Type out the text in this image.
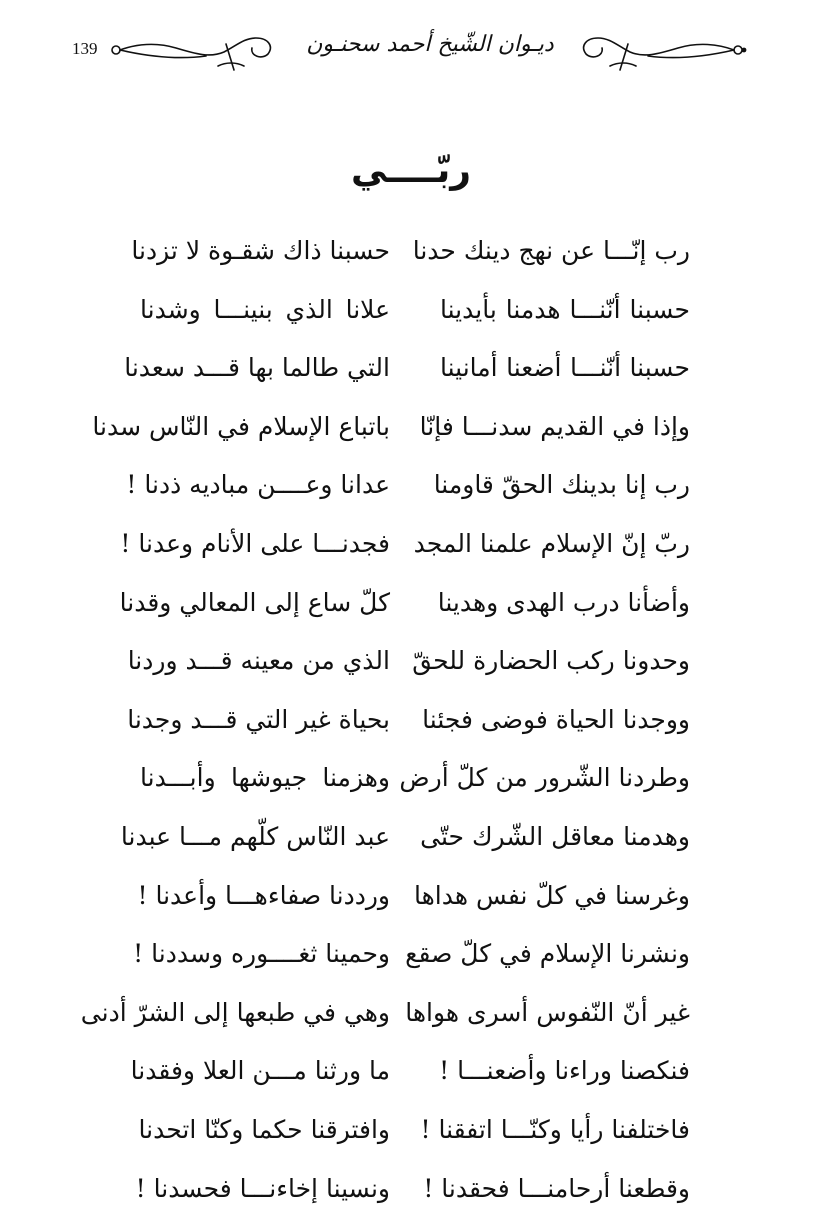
139	ديـوان الشّيخ أحمد سحنـون
ربّــــي
رب إنّـــا عن نهج دينك حدنا
حسبنا ذاك شقـوة لا تزدنا
حسبنا أنّنـــا هدمنا بأيدينا
علانا الذي بنينـــا وشدنا
حسبنا أنّنـــا أضعنا أمانينا
التي طالما بها قـــد سعدنا
وإذا في القديم سدنـــا فإنّا
باتباع الإسلام في النّاس سدنا
رب إنا بدينك الحقّ قاومنا
عدانا وعــــن مباديه ذدنا !
ربّ إنّ الإسلام علمنا المجد
فجدنـــا على الأنام وعدنا !
وأضأنا درب الهدى وهدينا
كلّ ساع إلى المعالي وقدنا
وحدونا ركب الحضارة للحقّ
الذي من معينه قـــد وردنا
ووجدنا الحياة فوضى فجئنا
بحياة غير التي قـــد وجدنا
وطردنا الشّرور من كلّ أرض
وهزمنا جيوشها وأبـــدنا
وهدمنا معاقل الشّرك حتّى
عبد النّاس كلّهم مـــا عبدنا
وغرسنا في كلّ نفس هداها
ورددنا صفاءهـــا وأعدنا !
ونشرنا الإسلام في كلّ صقع
وحمينا ثغــــوره وسددنا !
غير أنّ النّفوس أسرى هواها
وهي في طبعها إلى الشرّ أدنى
فنكصنا وراءنا وأضعنـــا !
ما ورثنا مـــن العلا وفقدنا
فاختلفنا رأيا وكنّـــا اتفقنا !
وافترقنا حكما وكنّا اتحدنا
وقطعنا أرحامنـــا فحقدنا !
ونسينا إخاءنـــا فحسدنا !
